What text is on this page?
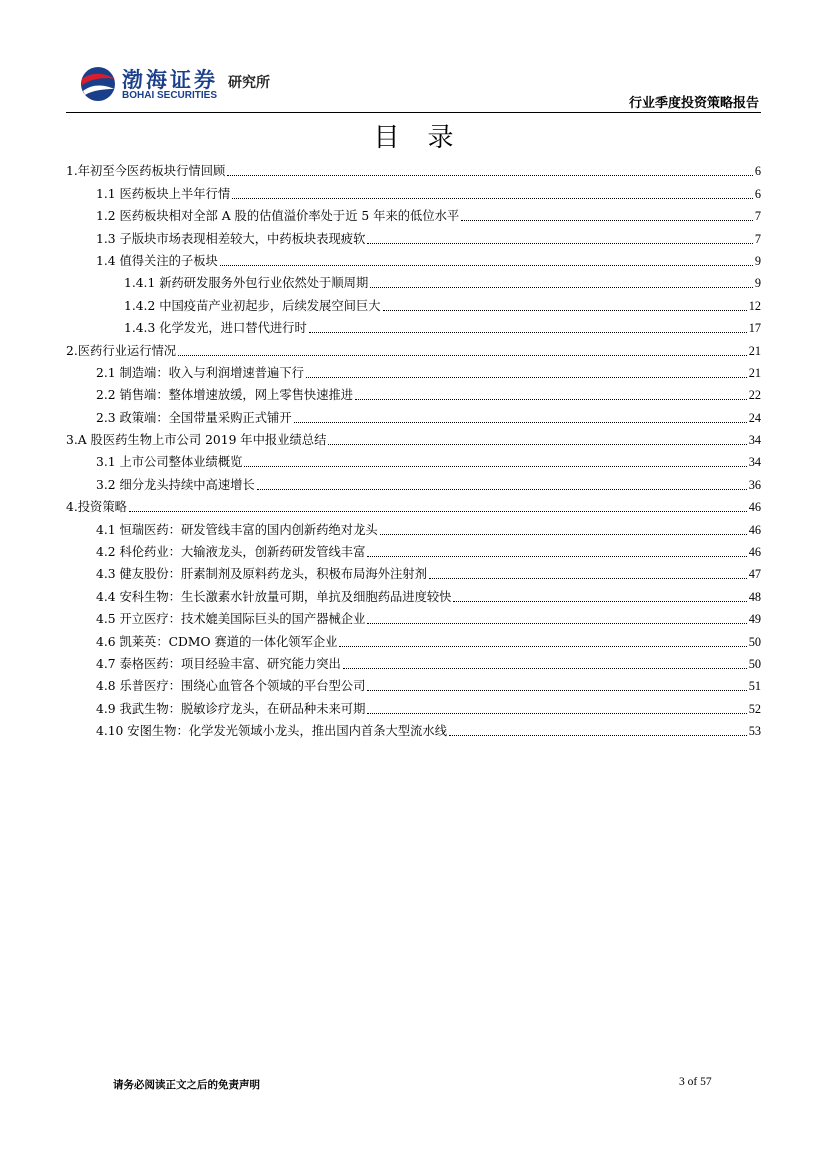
渤海证券
BOHAI SECURITIES
研究所
行业季度投资策略报告
目录
1.年初至今医药板块行情回顾	6
1.1 医药板块上半年行情	6
1.2 医药板块相对全部 A 股的估值溢价率处于近 5 年来的低位水平	7
1.3 子版块市场表现相差较大，中药板块表现疲软	7
1.4 值得关注的子板块	9
1.4.1 新药研发服务外包行业依然处于顺周期	9
1.4.2 中国疫苗产业初起步，后续发展空间巨大	12
1.4.3 化学发光，进口替代进行时	17
2.医药行业运行情况	21
2.1 制造端：收入与利润增速普遍下行	21
2.2 销售端：整体增速放缓，网上零售快速推进	22
2.3 政策端：全国带量采购正式铺开	24
3.A 股医药生物上市公司 2019 年中报业绩总结	34
3.1 上市公司整体业绩概览	34
3.2 细分龙头持续中高速增长	36
4.投资策略	46
4.1 恒瑞医药：研发管线丰富的国内创新药绝对龙头	46
4.2 科伦药业：大输液龙头，创新药研发管线丰富	46
4.3 健友股份：肝素制剂及原料药龙头，积极布局海外注射剂	47
4.4 安科生物：生长激素水针放量可期，单抗及细胞药品进度较快	48
4.5 开立医疗：技术媲美国际巨头的国产器械企业	49
4.6 凯莱英：CDMO 赛道的一体化领军企业	50
4.7 泰格医药：项目经验丰富、研究能力突出	50
4.8 乐普医疗：围绕心血管各个领域的平台型公司	51
4.9 我武生物：脱敏诊疗龙头，在研品种未来可期	52
4.10 安图生物：化学发光领域小龙头，推出国内首条大型流水线	53
请务必阅读正文之后的免责声明	3 of 57
